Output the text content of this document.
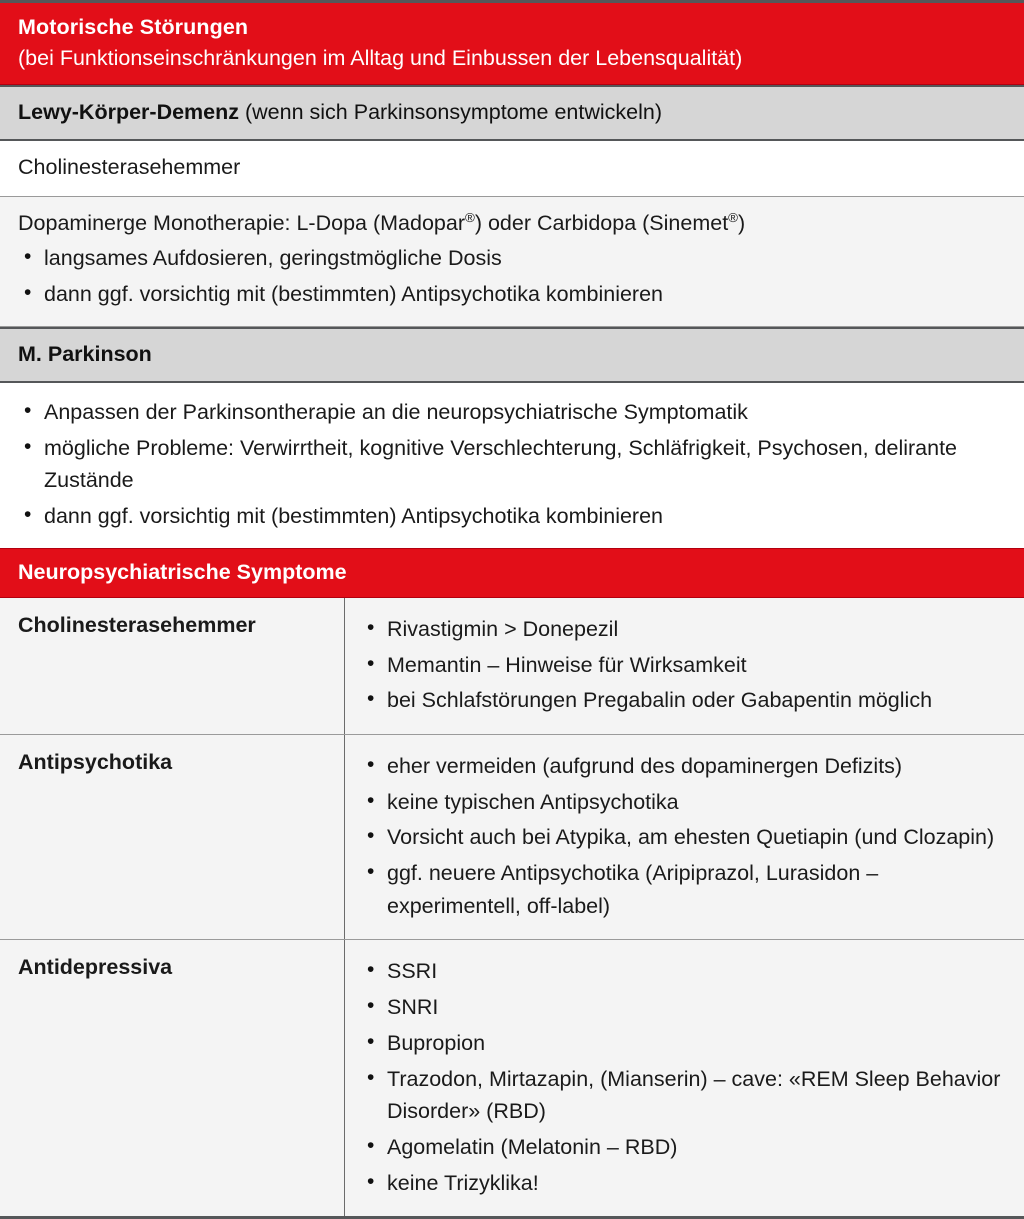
Motorische Störungen
(bei Funktionseinschränkungen im Alltag und Einbussen der Lebensqualität)
Lewy-Körper-Demenz (wenn sich Parkinsonsymptome entwickeln)
Cholinesterasehemmer
Dopaminerge Monotherapie: L-Dopa (Madopar®) oder Carbidopa (Sinemet®)
• langsames Aufdosieren, geringstmögliche Dosis
• dann ggf. vorsichtig mit (bestimmten) Antipsychotika kombinieren
M. Parkinson
• Anpassen der Parkinsontherapie an die neuropsychiatrische Symptomatik
• mögliche Probleme: Verwirrtheit, kognitive Verschlechterung, Schläfrigkeit, Psychosen, delirante Zustände
• dann ggf. vorsichtig mit (bestimmten) Antipsychotika kombinieren
Neuropsychiatrische Symptome
Cholinesterasehemmer	• Rivastigmin > Donepezil
• Memantin – Hinweise für Wirksamkeit
• bei Schlafstörungen Pregabalin oder Gabapentin möglich
Antipsychotika	• eher vermeiden (aufgrund des dopaminergen Defizits)
• keine typischen Antipsychotika
• Vorsicht auch bei Atypika, am ehesten Quetiapin (und Clozapin)
• ggf. neuere Antipsychotika (Aripiprazol, Lurasidon – experimentell, off-label)
Antidepressiva	• SSRI
• SNRI
• Bupropion
• Trazodon, Mirtazapin, (Mianserin) – cave: «REM Sleep Behavior Disorder» (RBD)
• Agomelatin (Melatonin – RBD)
• keine Trizyklika!
